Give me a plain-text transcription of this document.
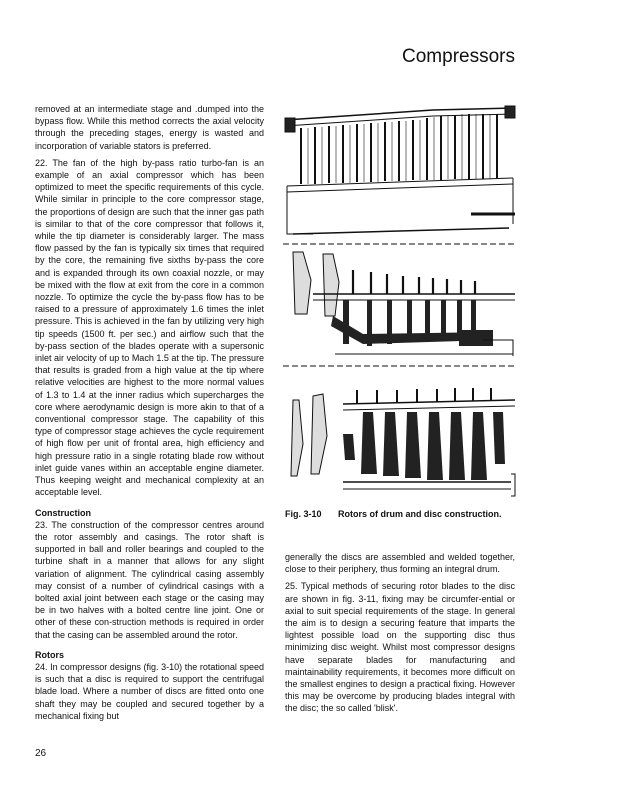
Compressors

removed at an intermediate stage and .dumped into the bypass flow. While this method corrects the axial velocity through the preceding stages, energy is wasted and incorporation of variable stators is preferred.

22. The fan of the high by-pass ratio turbo-fan is an example of an axial compressor which has been optimized to meet the specific requirements of this cycle. While similar in principle to the core compressor stage, the proportions of design are such that the inner gas path is similar to that of the core compressor that follows it, while the tip diameter is considerably larger. The mass flow passed by the fan is typically six times that required by the core, the remaining five sixths by-pass the core and is expanded through its own coaxial nozzle, or may be mixed with the flow at exit from the core in a common nozzle. To optimize the cycle the by-pass flow has to be raised to a pressure of approximately 1.6 times the inlet pressure. This is achieved in the fan by utilizing very high tip speeds (1500 ft. per sec.) and airflow such that the by-pass section of the blades operate with a supersonic inlet air velocity of up to Mach 1.5 at the tip. The pressure that results is graded from a high value at the tip where relative velocities are highest to the more normal values of 1.3 to 1.4 at the inner radius which supercharges the core where aerodynamic design is more akin to that of a conventional compressor stage. The capability of this type of compressor stage achieves the cycle requirement of high flow per unit of frontal area, high efficiency and high pressure ratio in a single rotating blade row without inlet guide vanes within an acceptable engine diameter. Thus keeping weight and mechanical complexity at an acceptable level.

Construction

23. The construction of the compressor centres around the rotor assembly and casings. The rotor shaft is supported in ball and roller bearings and coupled to the turbine shaft in a manner that allows for any slight variation of alignment. The cylindrical casing assembly may consist of a number of cylindrical casings with a bolted axial joint between each stage or the casing may be in two halves with a bolted centre line joint. One or other of these con-struction methods is required in order that the casing can be assembled around the rotor.

Rotors

24. In compressor designs (fig. 3-10) the rotational speed is such that a disc is required to support the centrifugal blade load. Where a number of discs are fitted onto one shaft they may be coupled and secured together by a mechanical fixing but

Fig. 3-10 Rotors of drum and disc construction.

generally the discs are assembled and welded together, close to their periphery, thus forming an integral drum.

25. Typical methods of securing rotor blades to the disc are shown in fig. 3-11, fixing may be circumfer-ential or axial to suit special requirements of the stage. In general the aim is to design a securing feature that imparts the lightest possible load on the supporting disc thus minimizing disc weight. Whilst most compressor designs have separate blades for manufacturing and maintainability requirements, it becomes more difficult on the smallest engines to design a practical fixing. However this may be overcome by producing blades integral with the disc; the so called 'blisk'.

26
